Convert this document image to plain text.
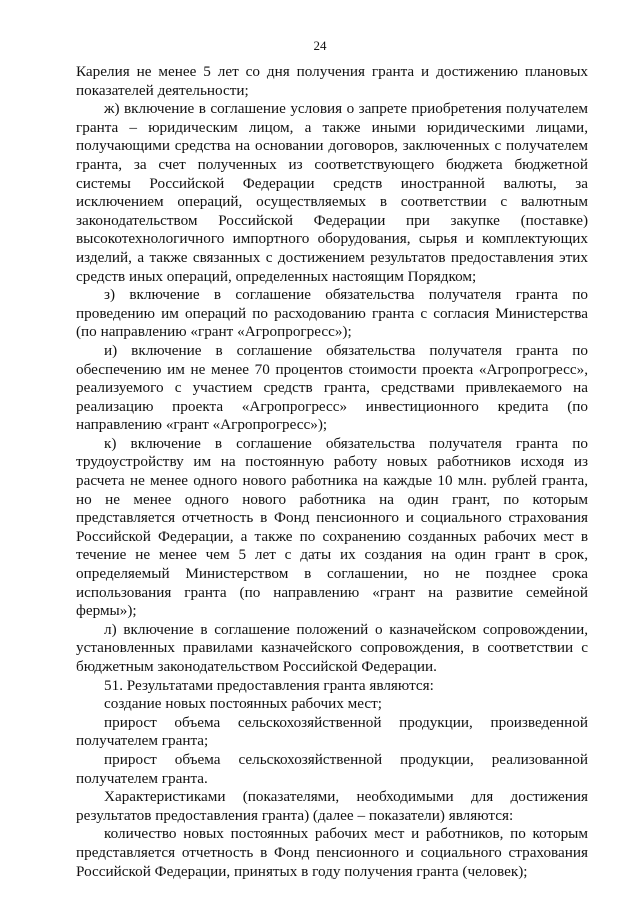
24

Карелия не менее 5 лет со дня получения гранта и достижению плановых показателей деятельности;

ж) включение в соглашение условия о запрете приобретения получателем гранта – юридическим лицом, а также иными юридическими лицами, получающими средства на основании договоров, заключенных с получателем гранта, за счет полученных из соответствующего бюджета бюджетной системы Российской Федерации средств иностранной валюты, за исключением операций, осуществляемых в соответствии с валютным законодательством Российской Федерации при закупке (поставке) высокотехнологичного импортного оборудования, сырья и комплектующих изделий, а также связанных с достижением результатов предоставления этих средств иных операций, определенных настоящим Порядком;

з) включение в соглашение обязательства получателя гранта по проведению им операций по расходованию гранта с согласия Министерства (по направлению «грант «Агропрогресс»);

и) включение в соглашение обязательства получателя гранта по обеспечению им не менее 70 процентов стоимости проекта «Агропрогресс», реализуемого с участием средств гранта, средствами привлекаемого на реализацию проекта «Агропрогресс» инвестиционного кредита (по направлению «грант «Агропрогресс»);

к) включение в соглашение обязательства получателя гранта по трудоустройству им на постоянную работу новых работников исходя из расчета не менее одного нового работника на каждые 10 млн. рублей гранта, но не менее одного нового работника на один грант, по которым представляется отчетность в Фонд пенсионного и социального страхования Российской Федерации, а также по сохранению созданных рабочих мест в течение не менее чем 5 лет с даты их создания на один грант в срок, определяемый Министерством в соглашении, но не позднее срока использования гранта (по направлению «грант на развитие семейной фермы»);

л) включение в соглашение положений о казначейском сопровождении, установленных правилами казначейского сопровождения, в соответствии с бюджетным законодательством Российской Федерации.

51. Результатами предоставления гранта являются:

создание новых постоянных рабочих мест;

прирост объема сельскохозяйственной продукции, произведенной получателем гранта;

прирост объема сельскохозяйственной продукции, реализованной получателем гранта.

Характеристиками (показателями, необходимыми для достижения результатов предоставления гранта) (далее – показатели) являются:

количество новых постоянных рабочих мест и работников, по которым представляется отчетность в Фонд пенсионного и социального страхования Российской Федерации, принятых в году получения гранта (человек);
